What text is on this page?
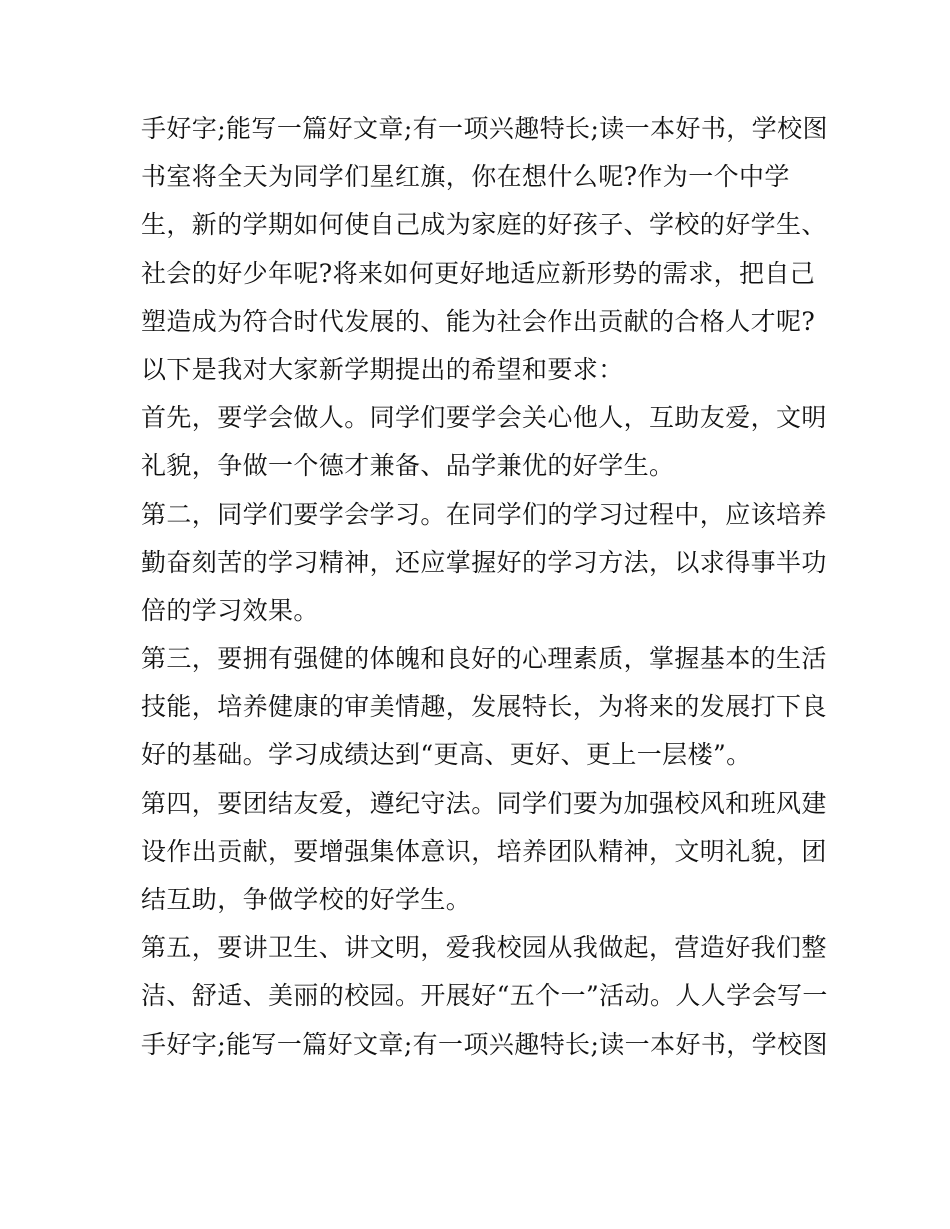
手好字;能写一篇好文章;有一项兴趣特长;读一本好书，学校图
书室将全天为同学们星红旗，你在想什么呢?作为一个中学
生，新的学期如何使自己成为家庭的好孩子、学校的好学生、
社会的好少年呢?将来如何更好地适应新形势的需求，把自己
塑造成为符合时代发展的、能为社会作出贡献的合格人才呢?
以下是我对大家新学期提出的希望和要求：
首先，要学会做人。同学们要学会关心他人，互助友爱，文明
礼貌，争做一个德才兼备、品学兼优的好学生。
第二，同学们要学会学习。在同学们的学习过程中，应该培养
勤奋刻苦的学习精神，还应掌握好的学习方法，以求得事半功
倍的学习效果。
第三，要拥有强健的体魄和良好的心理素质，掌握基本的生活
技能，培养健康的审美情趣，发展特长，为将来的发展打下良
好的基础。学习成绩达到“更高、更好、更上一层楼”。
第四，要团结友爱，遵纪守法。同学们要为加强校风和班风建
设作出贡献，要增强集体意识，培养团队精神，文明礼貌，团
结互助，争做学校的好学生。
第五，要讲卫生、讲文明，爱我校园从我做起，营造好我们整
洁、舒适、美丽的校园。开展好“五个一”活动。人人学会写一
手好字;能写一篇好文章;有一项兴趣特长;读一本好书，学校图
